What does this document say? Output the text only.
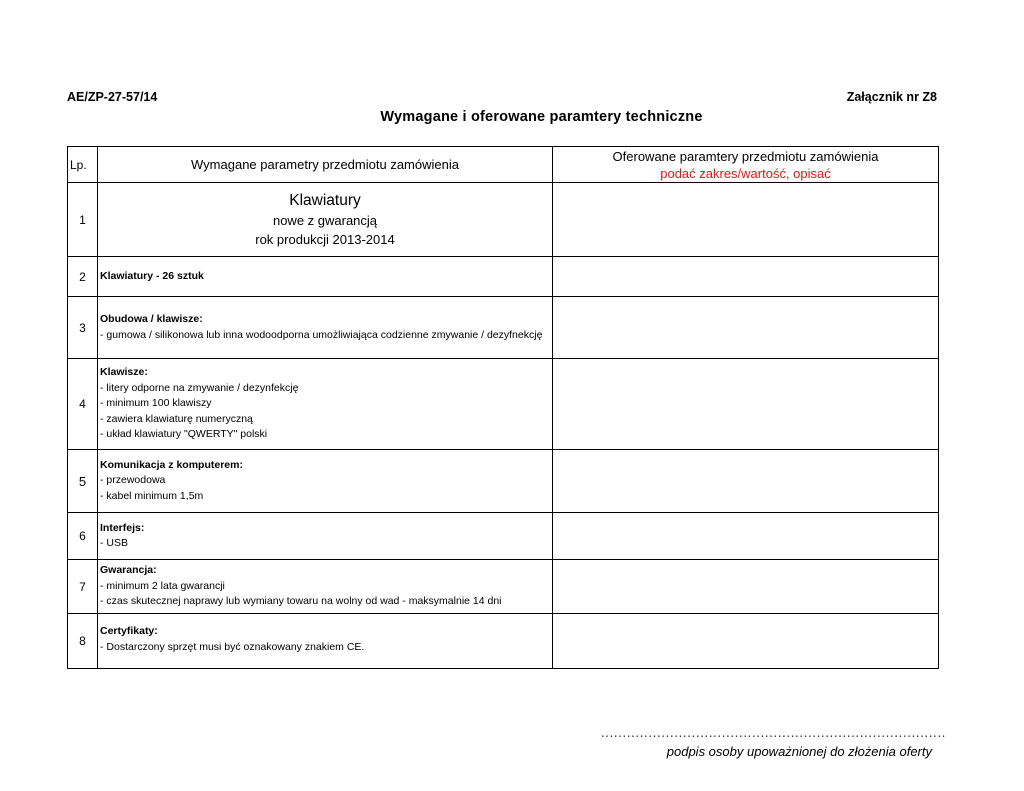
AE/ZP-27-57/14	Załącznik nr Z8
Wymagane i oferowane paramtery techniczne
Lp.	Wymagane parametry przedmiotu zamówienia	Oferowane paramtery przedmiotu zamówienia
podać zakres/wartość, opisać

1	Klawiatury
nowe z gwarancją
rok produkcji 2013-2014	

2	Klawiatury - 26 sztuk	

3	Obudowa / klawisze:
- gumowa / silikonowa lub inna wodoodporna umożliwiająca codzienne zmywanie / dezyfnekcję	

4	Klawisze:
- litery odporne na zmywanie / dezynfekcję
- minimum 100 klawiszy
- zawiera klawiaturę numeryczną
- układ klawiatury "QWERTY" polski	

5	Komunikacja z komputerem:
- przewodowa
- kabel minimum 1,5m	

6	Interfejs:
- USB	

7	Gwarancja:
- minimum 2 lata gwarancji
- czas skutecznej naprawy lub wymiany towaru na wolny od wad - maksymalnie 14 dni	

8	Certyfikaty:
- Dostarczony sprzęt musi być oznakowany znakiem CE.	

................................................................................
podpis osoby upoważnionej do złożenia oferty
